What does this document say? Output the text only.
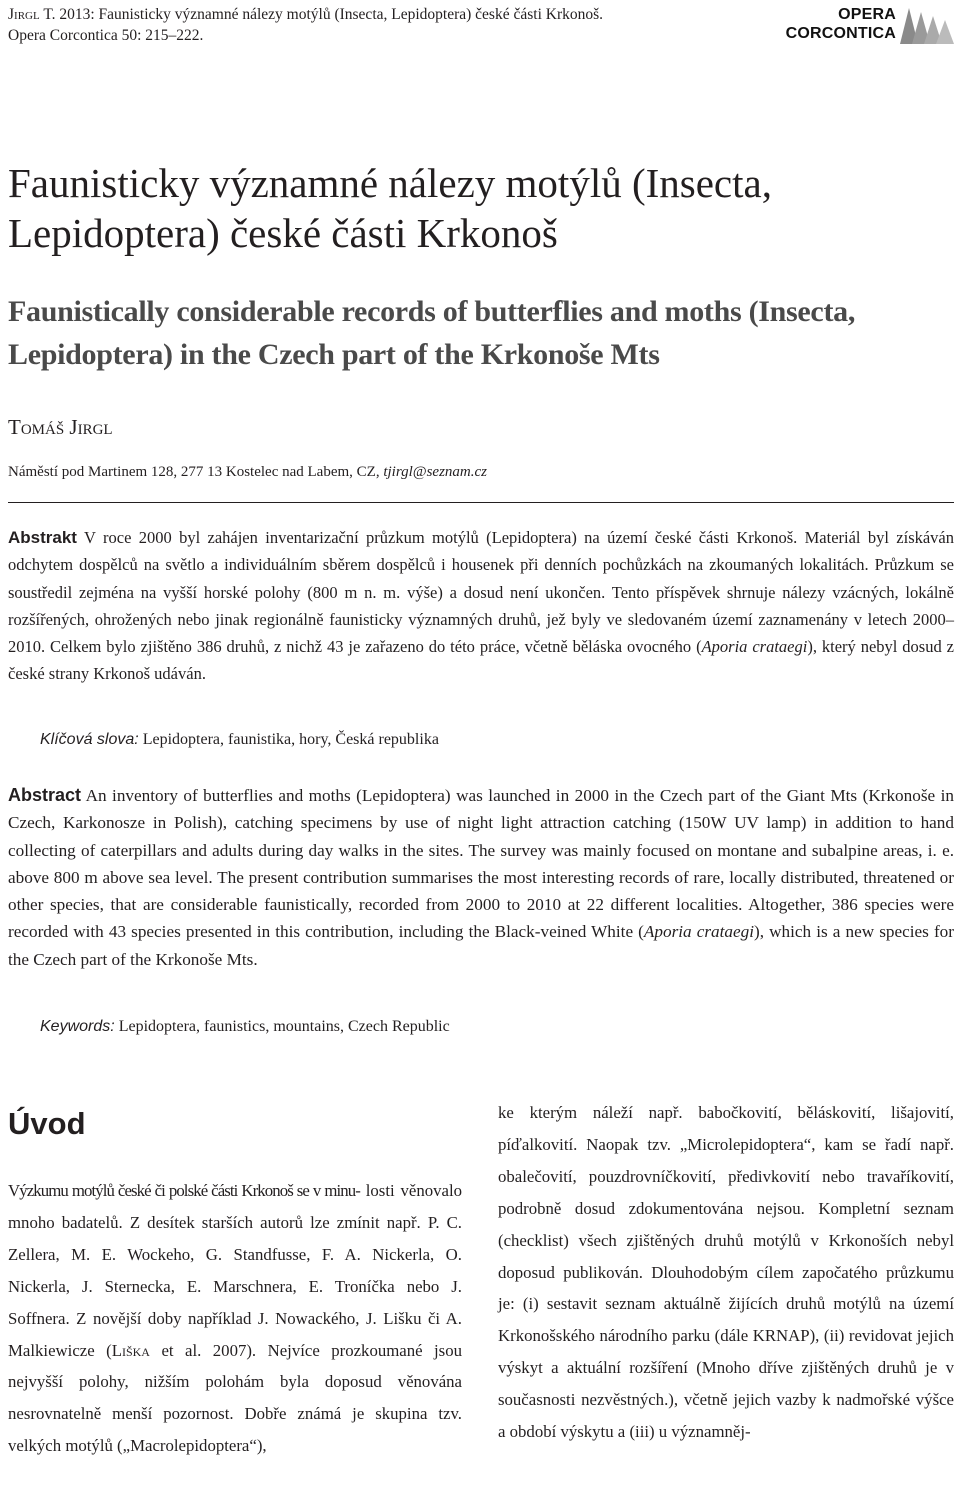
Jirgl T. 2013: Faunisticky významné nálezy motýlů (Insecta, Lepidoptera) české části Krkonoš.
Opera Corcontica 50: 215–222.
OPERA
CORCONTICA
Faunisticky významné nálezy motýlů (Insecta, Lepidoptera) české části Krkonoš
Faunistically considerable records of butterflies and moths (Insecta, Lepidoptera) in the Czech part of the Krkonoše Mts
Tomáš Jirgl
Náměstí pod Martinem 128, 277 13 Kostelec nad Labem, CZ, tjirgl@seznam.cz
Abstrakt V roce 2000 byl zahájen inventarizační průzkum motýlů (Lepidoptera) na území české části Krkonoš. Materiál byl získáván odchytem dospělců na světlo a individuálním sběrem dospělců i housenek při denních pochůzkách na zkoumaných lokalitách. Průzkum se soustředil zejména na vyšší horské polohy (800 m n. m. výše) a dosud není ukončen. Tento příspěvek shrnuje nálezy vzácných, lokálně rozšířených, ohrožených nebo jinak regionálně faunisticky významných druhů, jež byly ve sledovaném území zaznamenány v letech 2000–2010. Celkem bylo zjištěno 386 druhů, z nichž 43 je zařazeno do této práce, včetně běláska ovocného (Aporia crataegi), který nebyl dosud z české strany Krkonoš udáván.
Klíčová slova: Lepidoptera, faunistika, hory, Česká republika
Abstract An inventory of butterflies and moths (Lepidoptera) was launched in 2000 in the Czech part of the Giant Mts (Krkonoše in Czech, Karkonosze in Polish), catching specimens by use of night light attraction catching (150W UV lamp) in addition to hand collecting of caterpillars and adults during day walks in the sites. The survey was mainly focused on montane and subalpine areas, i. e. above 800 m above sea level. The present contribution summarises the most interesting records of rare, locally distributed, threatened or other species, that are considerable faunistically, recorded from 2000 to 2010 at 22 different localities. Altogether, 386 species were recorded with 43 species presented in this contribution, including the Black-veined White (Aporia crataegi), which is a new species for the Czech part of the Krkonoše Mts.
Keywords: Lepidoptera, faunistics, mountains, Czech Republic
Úvod
Výzkumu motýlů české či polské části Krkonoš se v minu- losti věnovalo mnoho badatelů. Z desítek starších autorů lze zmínit např. P. C. Zellera, M. E. Wockeho, G. Standfusse, F. A. Nickerla, O. Nickerla, J. Sternecka, E. Marschnera, E. Troníčka nebo J. Soffnera. Z novější doby například J. Nowackého, J. Lišku či A. Malkiewicze (Liška et al. 2007). Nejvíce prozkoumané jsou nejvyšší polohy, nižším polohám byla doposud věnována nesrovnatelně menší pozornost. Dobře známá je skupina tzv. velkých motýlů („Macrolepidoptera“),
ke kterým náleží např. babočkovití, běláskovití, lišajovití, píďalkovití. Naopak tzv. „Microlepidoptera“, kam se řadí např. obalečovití, pouzdrovníčkovití, předivkovití nebo travaříkovití, podrobně dosud zdokumentována nejsou. Kompletní seznam (checklist) všech zjištěných druhů motýlů v Krkonoších nebyl doposud publikován. Dlouhodobým cílem započatého průzkumu je: (i) sestavit seznam aktuálně žijících druhů motýlů na území Krkonošského národního parku (dále KRNAP), (ii) revidovat jejich výskyt a aktuální rozšíření (Mnoho dříve zjištěných druhů je v současnosti nezvěstných.), včetně jejich vazby k nadmořské výšce a období výskytu a (iii) u významněj-
